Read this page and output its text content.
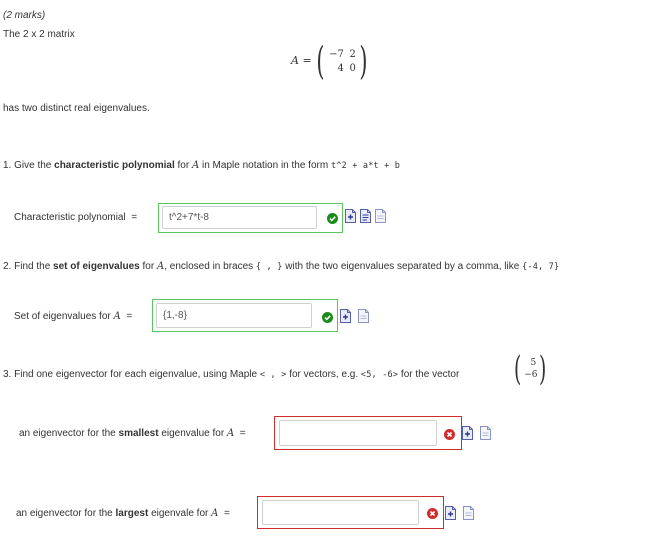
(2 marks)
The 2 x 2 matrix
A = ( −7 2
4 0 )
has two distinct real eigenvalues.
1. Give the characteristic polynomial for A in Maple notation in the form t^2 + a*t + b
Characteristic polynomial =
t^2+7*t-8
2. Find the set of eigenvalues for A, enclosed in braces { , } with the two eigenvalues separated by a comma, like {-4, 7}
Set of eigenvalues for A =
{1,-8}
3. Find one eigenvector for each eigenvalue, using Maple < , > for vectors, e.g. <5, -6> for the vector (	5
−6 )
an eigenvector for the smallest eigenvalue for A =
an eigenvector for the largest eigenvale for A =
